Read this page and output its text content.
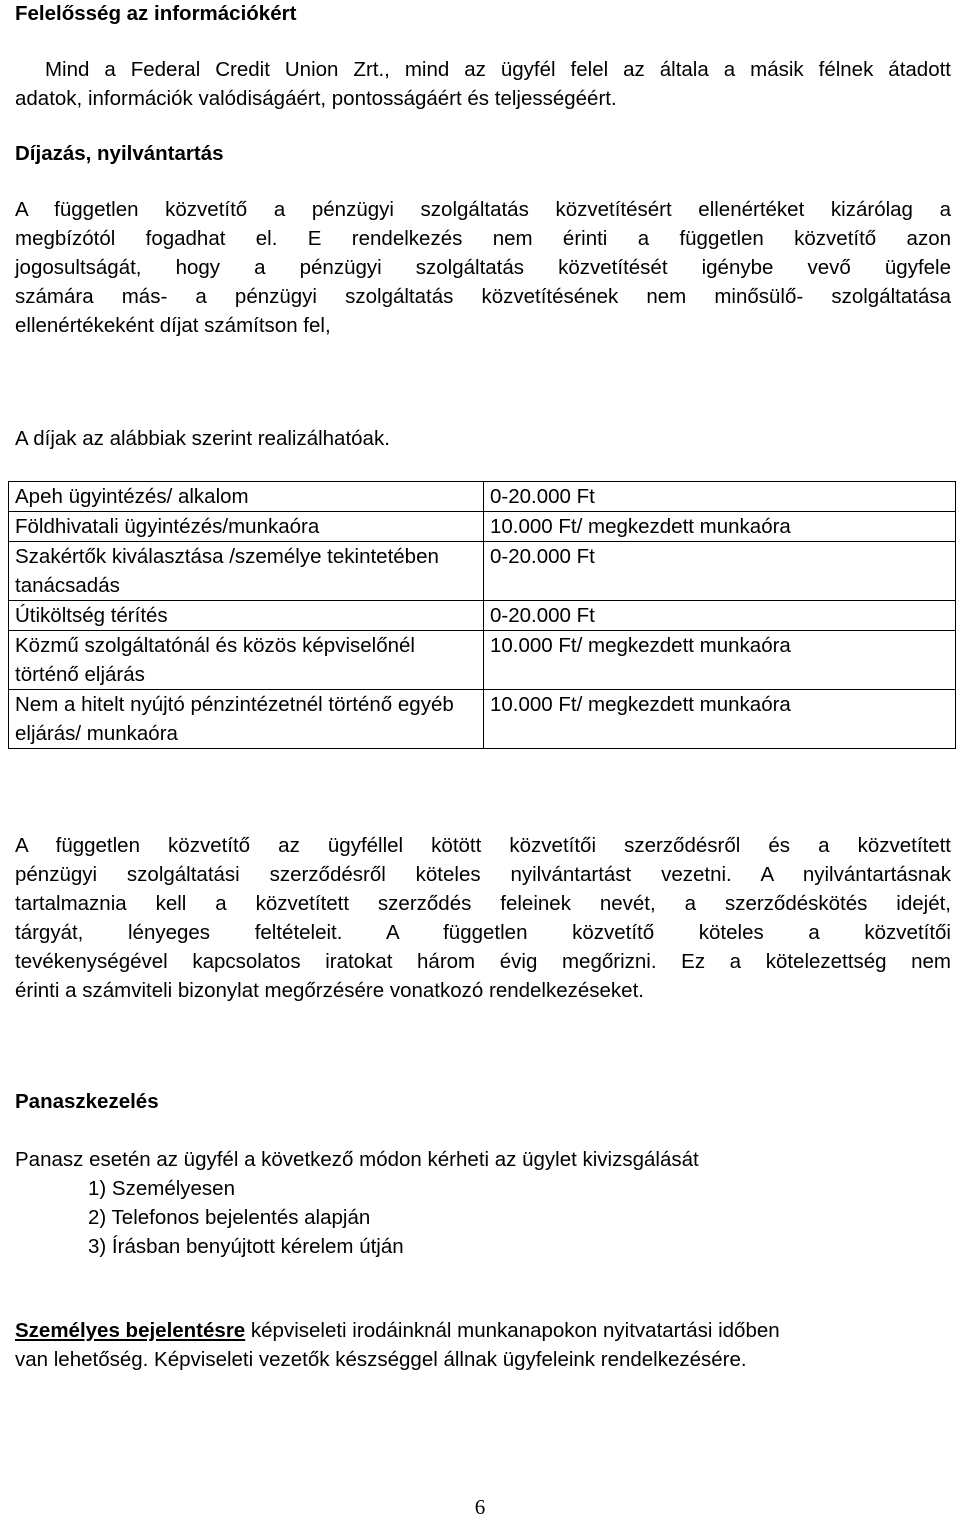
Felelősség az információkért
Mind a Federal Credit Union Zrt., mind az ügyfél felel az általa a másik félnek átadott
adatok, információk valódiságáért, pontosságáért és teljességéért.
Díjazás, nyilvántartás
A független közvetítő a pénzügyi szolgáltatás közvetítésért ellenértéket kizárólag a
megbízótól fogadhat el. E rendelkezés nem érinti a független közvetítő azon
jogosultságát, hogy a pénzügyi szolgáltatás közvetítését igénybe vevő ügyfele
számára más- a pénzügyi szolgáltatás közvetítésének nem minősülő- szolgáltatása
ellenértékeként díjat számítson fel,
A díjak az alábbiak szerint realizálhatóak.
Apeh ügyintézés/ alkalom	0-20.000 Ft
Földhivatali ügyintézés/munkaóra	10.000 Ft/ megkezdett munkaóra
Szakértők kiválasztása /személye tekintetében tanácsadás	0-20.000 Ft
Útiköltség térítés	0-20.000 Ft
Közmű szolgáltatónál és közös képviselőnél történő eljárás	10.000 Ft/ megkezdett munkaóra
Nem a hitelt nyújtó pénzintézetnél történő egyéb eljárás/ munkaóra	10.000 Ft/ megkezdett munkaóra
A független közvetítő az ügyféllel kötött közvetítői szerződésről és a közvetített
pénzügyi szolgáltatási szerződésről köteles nyilvántartást vezetni. A nyilvántartásnak
tartalmaznia kell a közvetített szerződés feleinek nevét, a szerződéskötés idejét,
tárgyát, lényeges feltételeit. A független közvetítő köteles a közvetítői
tevékenységével kapcsolatos iratokat három évig megőrizni. Ez a kötelezettség nem
érinti a számviteli bizonylat megőrzésére vonatkozó rendelkezéseket.
Panaszkezelés
Panasz esetén az ügyfél a következő módon kérheti az ügylet kivizsgálását
1) Személyesen
2) Telefonos bejelentés alapján
3) Írásban benyújtott kérelem útján
Személyes bejelentésre képviseleti irodáinknál munkanapokon nyitvatartási időben
van lehetőség. Képviseleti vezetők készséggel állnak ügyfeleink rendelkezésére.
6
